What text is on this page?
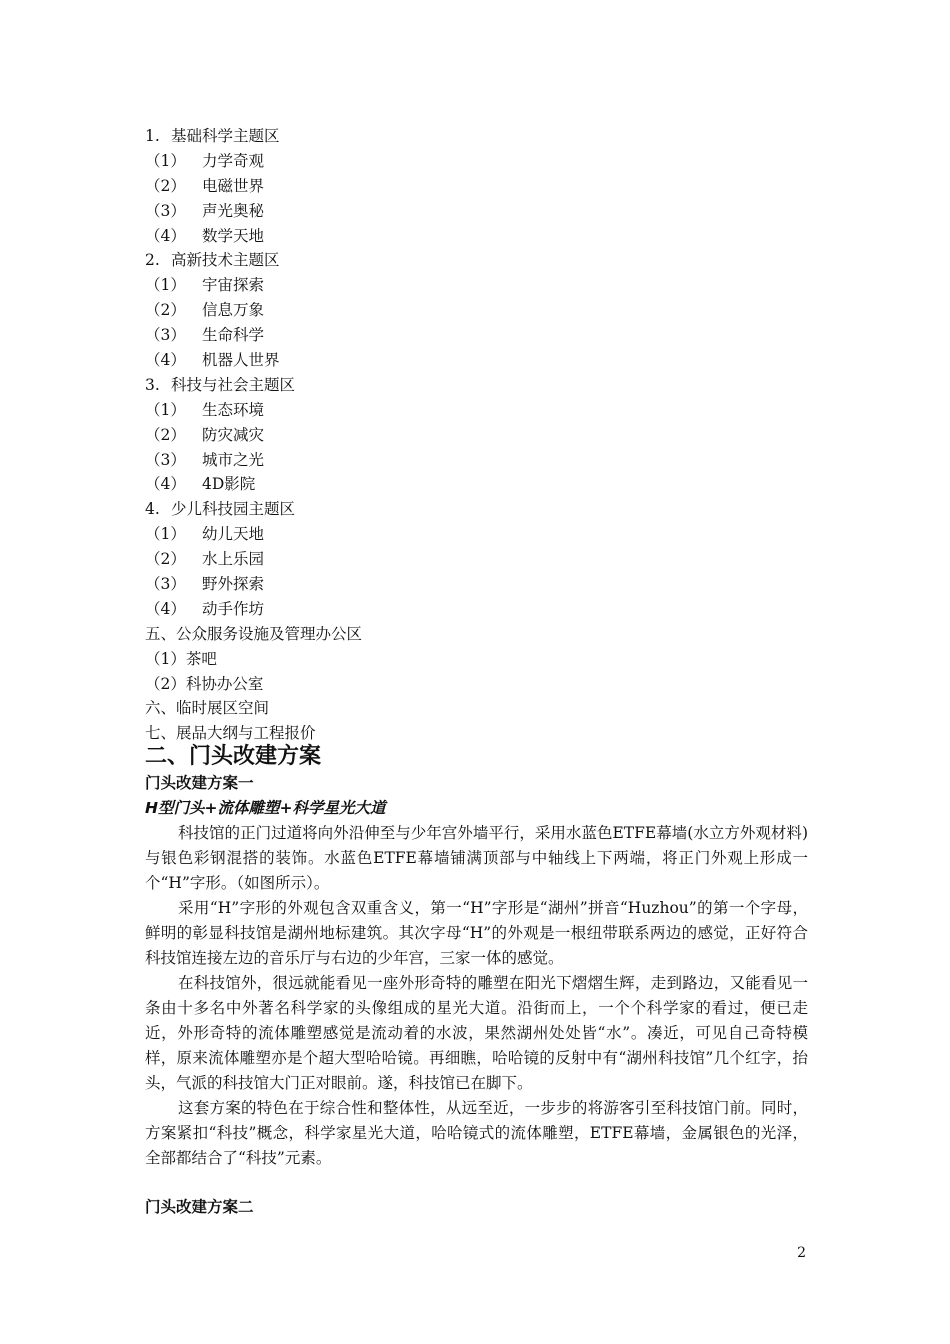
1. 基础科学主题区
（1） 力学奇观
（2） 电磁世界
（3） 声光奥秘
（4） 数学天地
2. 高新技术主题区
（1） 宇宙探索
（2） 信息万象
（3） 生命科学
（4） 机器人世界
3. 科技与社会主题区
（1） 生态环境
（2） 防灾减灾
（3） 城市之光
（4） 4D影院
4. 少儿科技园主题区
（1） 幼儿天地
（2） 水上乐园
（3） 野外探索
（4） 动手作坊
五、公众服务设施及管理办公区
（1）茶吧
（2）科协办公室
六、临时展区空间
七、展品大纲与工程报价
二、门头改建方案
门头改建方案一
H型门头+流体雕塑+科学星光大道

科技馆的正门过道将向外沿伸至与少年宫外墙平行，采用水蓝色ETFE幕墙(水立方外观材料)与银色彩钢混搭的装饰。水蓝色ETFE幕墙铺满顶部与中轴线上下两端，将正门外观上形成一个“H”字形。（如图所示）。

采用“H”字形的外观包含双重含义，第一“H”字形是“湖州”拼音“Huzhou”的第一个字母，鲜明的彰显科技馆是湖州地标建筑。其次字母“H”的外观是一根纽带联系两边的感觉，正好符合科技馆连接左边的音乐厅与右边的少年宫，三家一体的感觉。

在科技馆外，很远就能看见一座外形奇特的雕塑在阳光下熠熠生辉，走到路边，又能看见一条由十多名中外著名科学家的头像组成的星光大道。沿街而上，一个个科学家的看过，便已走近，外形奇特的流体雕塑感觉是流动着的水波，果然湖州处处皆“水”。凑近，可见自己奇特模样，原来流体雕塑亦是个超大型哈哈镜。再细瞧，哈哈镜的反射中有“湖州科技馆”几个红字，抬头，气派的科技馆大门正对眼前。遂，科技馆已在脚下。

这套方案的特色在于综合性和整体性，从远至近，一步步的将游客引至科技馆门前。同时，方案紧扣“科技”概念，科学家星光大道，哈哈镜式的流体雕塑，ETFE幕墙，金属银色的光泽，全部都结合了“科技”元素。

门头改建方案二
2
